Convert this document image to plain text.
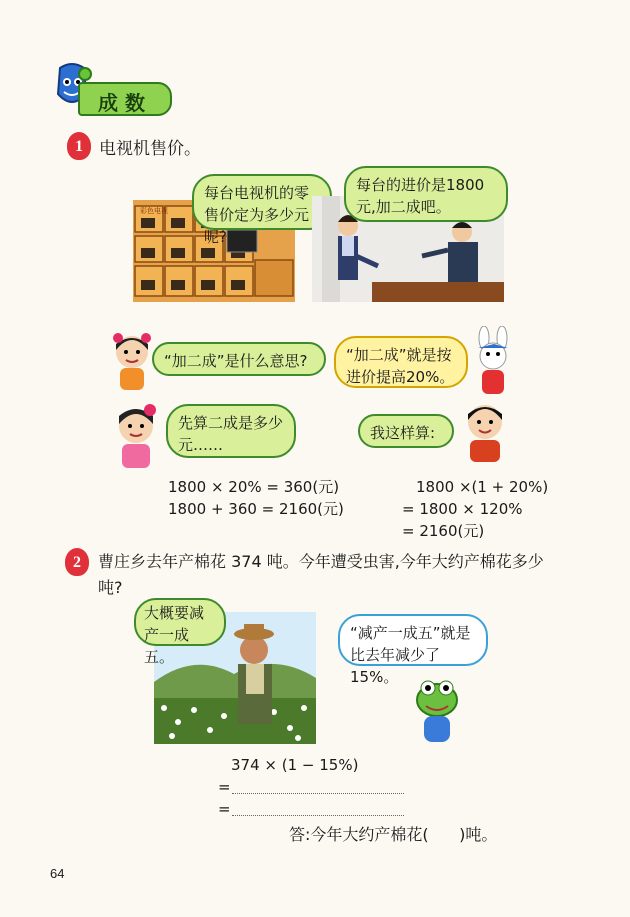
成 数
1 电视机售价。
彩色电视
每台电视机的零售价定为多少元呢?
每台的进价是1800元,加二成吧。
“加二成”是什么意思?	“加二成”就是按进价提高20%。
先算二成是多少元……
我这样算:
1800 × 20% = 360(元)
1800 + 360 = 2160(元)
1800 ×(1 + 20%)
= 1800 × 120%
= 2160(元)
2	曹庄乡去年产棉花 374 吨。今年遭受虫害,今年大约产棉花多少吨?
大概要减产一成五。
“减产一成五”就是比去年减少了15%。
374 × (1 − 15%)
=
=
答:今年大约产棉花(      )吨。
64
